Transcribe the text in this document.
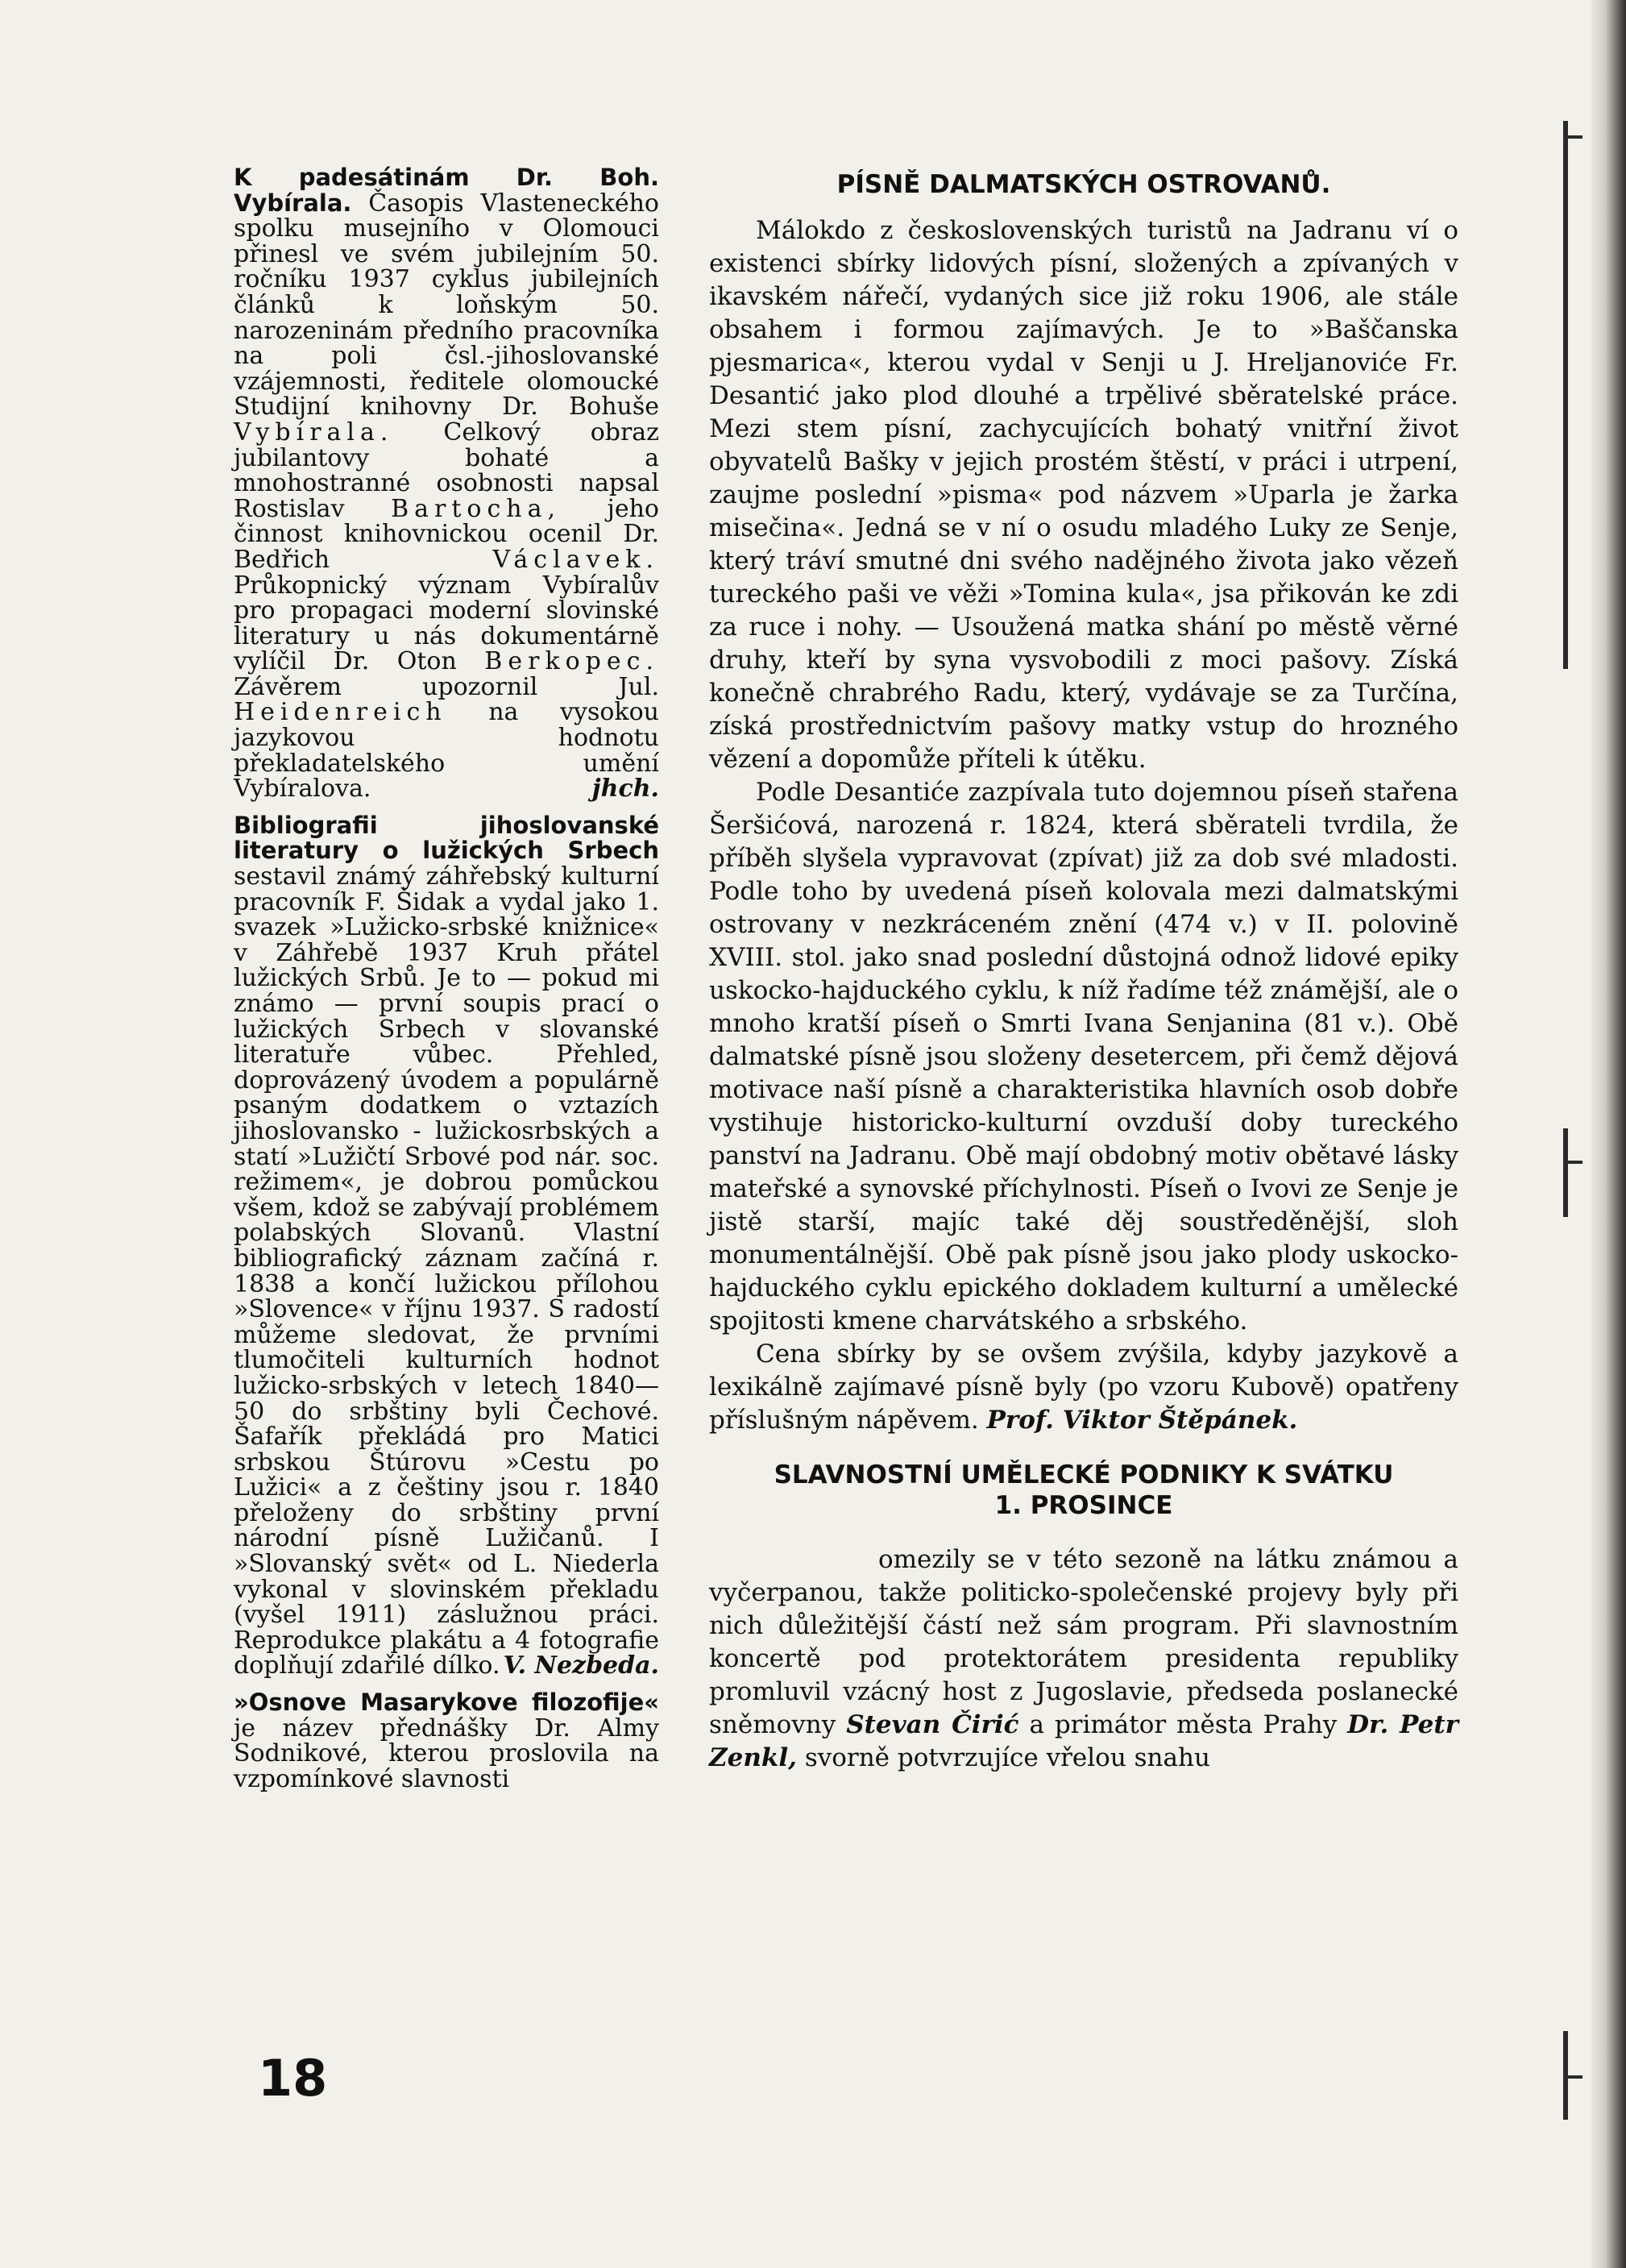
K padesátinám Dr. Boh. Vybírala. Časopis Vlasteneckého spolku musejního v Olomouci přinesl ve svém jubilejním 50. ročníku 1937 cyklus jubilejních článků k loňským 50. narozeninám předního pracovníka na poli čsl.-jihoslovanské vzájemnosti, ředitele olomoucké Studijní knihovny Dr. Bohuše Vybírala. Celkový obraz jubilantovy bohaté a mnohostranné osobnosti napsal Rostislav Bartocha, jeho činnost knihovnickou ocenil Dr. Bedřich	Václavek. Průkopnický význam Vybíralův pro propagaci moderní slovinské literatury u nás dokumentárně vylíčil Dr. Oton Berkopec. Závěrem upozornil Jul. Heidenreich na vysokou jazykovou hodnotu překladatelského umění Vybíralova.	jhch.

Bibliografii jihoslovanské literatury o lužických Srbech sestavil známý záhřebský kulturní pracovník F. Šidak a vydal jako 1. svazek »Lužicko-srbské knižnice« v Záhřebě 1937 Kruh přátel lužických Srbů. Je to — pokud mi známo — první soupis prací o lužických Srbech v slovanské literatuře vůbec. Přehled, doprovázený úvodem a populárně psaným dodatkem o vztazích jihoslovansko - lužickosrbských a statí »Lužičtí Srbové pod nár. soc. režimem«, je dobrou pomůckou všem, kdož se zabývají problémem polabských Slovanů. Vlastní bibliografický záznam začíná r. 1838 a končí lužickou přílohou »Slovence« v říjnu 1937. S radostí můžeme sledovat, že prvními tlumočiteli kulturních hodnot lužicko-srbských v letech 1840—50 do srbštiny byli Čechové. Šafařík překládá pro Matici srbskou Štúrovu »Cestu po Lužici« a z češtiny jsou r. 1840 přeloženy do srbštiny první národní písně Lužičanů. I »Slovanský svět« od L. Niederla vykonal v slovinském překladu (vyšel 1911) záslužnou práci. Reprodukce plakátu a 4 fotografie doplňují zdařilé dílko. V. Nezbeda.

»Osnove Masarykove filozofije« je název přednášky Dr. Almy Sodnikové, kterou proslovila na vzpomínkové slavnosti

PÍSNĚ DALMATSKÝCH OSTROVANŮ.

Málokdo z československých turistů na Jadranu ví o existenci sbírky lidových písní, složených a zpívaných v ikavském nářečí, vydaných sice již roku 1906, ale stále obsahem i formou zajímavých. Je to »Baščanska pjesmarica«, kterou vydal v Senji u J. Hreljanoviće Fr. Desantić jako plod dlouhé a trpělivé sběratelské práce. Mezi stem písní, zachycujících bohatý vnitřní život obyvatelů Bašky v jejich prostém štěstí, v práci i utrpení, zaujme poslední »pisma« pod názvem »Uparla je žarka misečina«. Jedná se v ní o osudu mladého Luky ze Senje, který tráví smutné dni svého nadějného života jako vězeň tureckého paši ve věži »Tomina kula«, jsa přikován ke zdi za ruce i nohy. — Usoužená matka shání po městě věrné druhy, kteří by syna vysvobodili z moci pašovy. Získá konečně chrabrého Radu, který, vydávaje se za Turčína, získá prostřednictvím pašovy matky vstup do hrozného vězení a dopomůže příteli k útěku.

Podle Desantiće zazpívala tuto dojemnou píseň stařena Šeršićová, narozená r. 1824, která sběrateli tvrdila, že příběh slyšela vypravovat (zpívat) již za dob své mladosti. Podle toho by uvedená píseň kolovala mezi dalmatskými ostrovany v nezkráceném znění (474 v.) v II. polovině XVIII. stol. jako snad poslední důstojná odnož lidové epiky uskocko-hajduckého cyklu, k níž řadíme též známější, ale o mnoho kratší píseň o Smrti Ivana Senjanina (81 v.). Obě dalmatské písně jsou složeny desetercem, při čemž dějová motivace naší písně a charakteristika hlavních osob dobře vystihuje historicko-kulturní ovzduší doby tureckého panství na Jadranu. Obě mají obdobný motiv obětavé lásky mateřské a synovské příchylnosti. Píseň o Ivovi ze Senje je jistě starší, majíc také děj soustředěnější, sloh monumentálnější. Obě pak písně jsou jako plody uskocko-hajduckého cyklu epického dokladem kulturní a umělecké spojitosti kmene charvátského a srbského.

Cena sbírky by se ovšem zvýšila, kdyby jazykově a lexikálně zajímavé písně byly (po vzoru Kubově) opatřeny příslušným nápěvem. Prof. Viktor Štěpánek.

SLAVNOSTNÍ UMĚLECKÉ PODNIKY K SVÁTKU
1. PROSINCE

omezily se v této sezoně na látku známou a vyčerpanou, takže politicko-společenské projevy byly při nich důležitější částí než sám program. Při slavnostním koncertě pod protektorátem presidenta republiky promluvil vzácný host z Jugoslavie, předseda poslanecké sněmovny Stevan Čirić a primátor města Prahy Dr. Petr Zenkl, svorně potvrzujíce vřelou snahu

18
